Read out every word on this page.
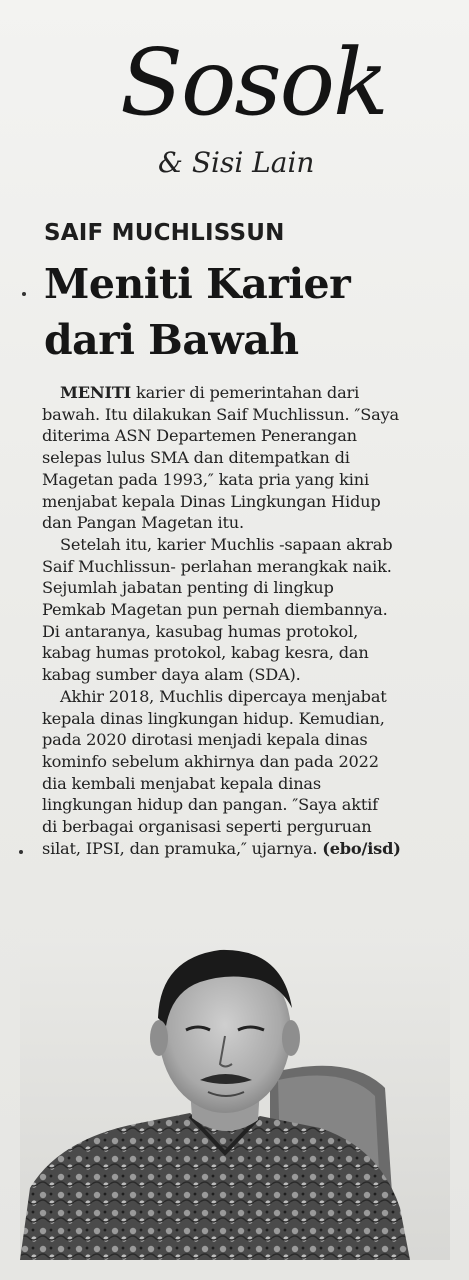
Sosok
& Sisi Lain
SAIF MUCHLISSUN
Meniti Karier
dari Bawah
MENITI karier di pemerintahan dari
bawah. Itu dilakukan Saif Muchlissun. ″Saya
diterima ASN Departemen Penerangan
selepas lulus SMA dan ditempatkan di
Magetan pada 1993,″ kata pria yang kini
menjabat kepala Dinas Lingkungan Hidup
dan Pangan Magetan itu.
Setelah itu, karier Muchlis -sapaan akrab
Saif Muchlissun- perlahan merangkak naik.
Sejumlah jabatan penting di lingkup
Pemkab Magetan pun pernah diembannya.
Di antaranya, kasubag humas protokol,
kabag humas protokol, kabag kesra, dan
kabag sumber daya alam (SDA).
Akhir 2018, Muchlis dipercaya menjabat
kepala dinas lingkungan hidup. Kemudian,
pada 2020 dirotasi menjadi kepala dinas
kominfo sebelum akhirnya dan pada 2022
dia kembali menjabat kepala dinas
lingkungan hidup dan pangan. ″Saya aktif
di berbagai organisasi seperti perguruan
silat, IPSI, dan pramuka,″ ujarnya. (ebo/isd)
